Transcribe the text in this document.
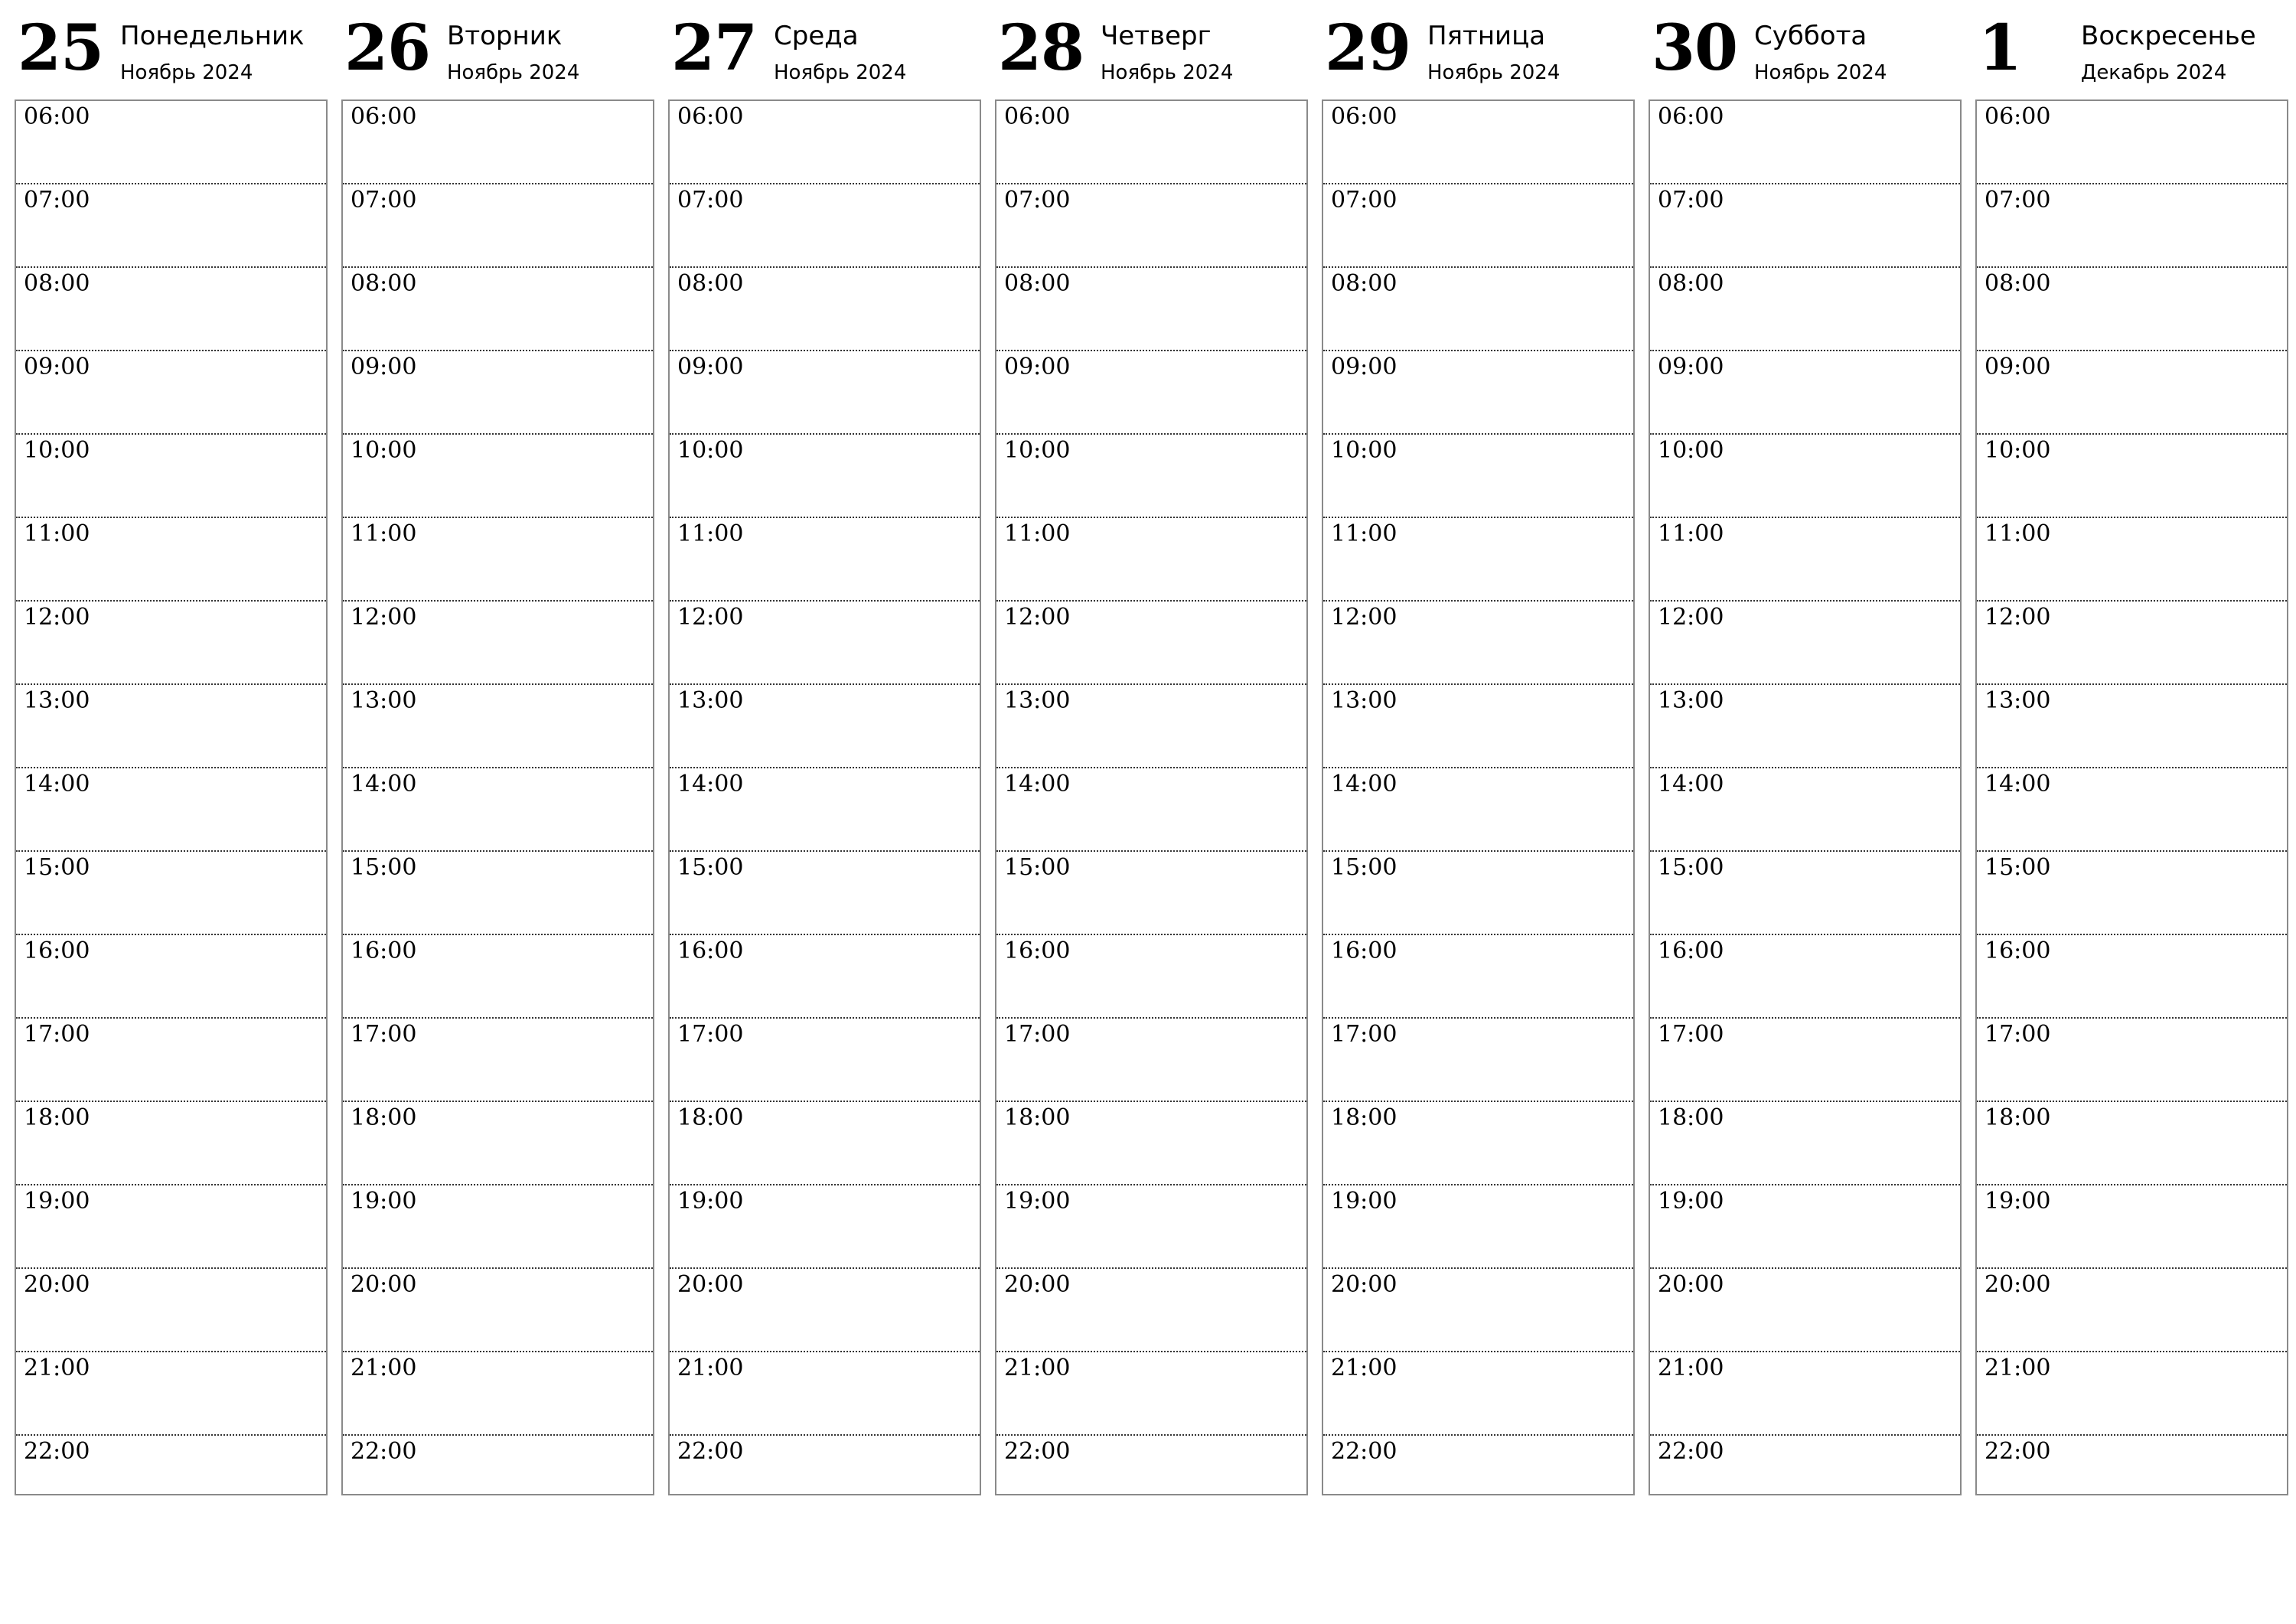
25 Понедельник
Ноябрь 2024
06:00
07:00
08:00
09:00
10:00
11:00
12:00
13:00
14:00
15:00
16:00
17:00
18:00
19:00
20:00
21:00
22:00
26 Вторник
Ноябрь 2024
06:00
07:00
08:00
09:00
10:00
11:00
12:00
13:00
14:00
15:00
16:00
17:00
18:00
19:00
20:00
21:00
22:00
27 Среда
Ноябрь 2024
06:00
07:00
08:00
09:00
10:00
11:00
12:00
13:00
14:00
15:00
16:00
17:00
18:00
19:00
20:00
21:00
22:00
28 Четверг
Ноябрь 2024
06:00
07:00
08:00
09:00
10:00
11:00
12:00
13:00
14:00
15:00
16:00
17:00
18:00
19:00
20:00
21:00
22:00
29 Пятница
Ноябрь 2024
06:00
07:00
08:00
09:00
10:00
11:00
12:00
13:00
14:00
15:00
16:00
17:00
18:00
19:00
20:00
21:00
22:00
30 Суббота
Ноябрь 2024
06:00
07:00
08:00
09:00
10:00
11:00
12:00
13:00
14:00
15:00
16:00
17:00
18:00
19:00
20:00
21:00
22:00
1 Воскресенье
Декабрь 2024
06:00
07:00
08:00
09:00
10:00
11:00
12:00
13:00
14:00
15:00
16:00
17:00
18:00
19:00
20:00
21:00
22:00
